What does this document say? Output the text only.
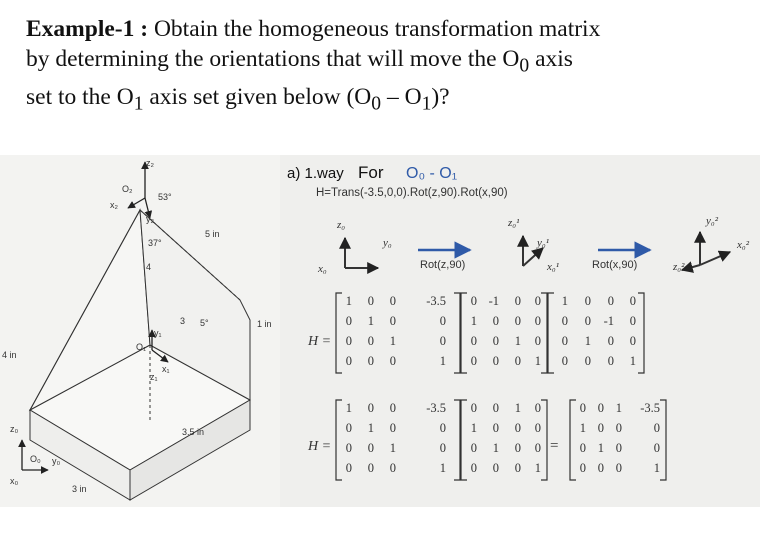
Example-1 : Obtain the homogeneous transformation matrix
by determining the orientations that will move the $O_0$ axis
set to the $O_1$ axis set given below $(O_0 - O_1)$?
z₂
O₂
x₂
y₂
53°
37°
4
O₁
y₁
x₁
z₁
z₀
O₀ y₀
x₀
3 5°
5 in
1 in
4 in
3.5 in
3 in
a) 1.way For O₀ - O₁
H=Trans(-3.5,0,0).Rot(z,90).Rot(x,90)
z₀
y₀
x₀
z₀¹
y₀¹
x₀¹
y₀²
x₀²
z₀²
Rot(z,90)	Rot(x,90)
H =
H =	=
1 0 0 -3.5
0 1 0	0
0 0 1	0
0 0 0	1
0 -1 0 0
1 0 0 0
0 0 1 0
0 0 0 1
1 0 0 0
0 0 -1 0
0 1 0 0
0 0 0 1
1 0 0 -3.5
0 1 0	0
0 0 1	0
0 0 0	1
0 0 1 0
1 0 0 0
0 1 0 0
0 0 0 1
0 0 1 -3.5
1 0 0	0
0 1 0	0
0 0 0	1
